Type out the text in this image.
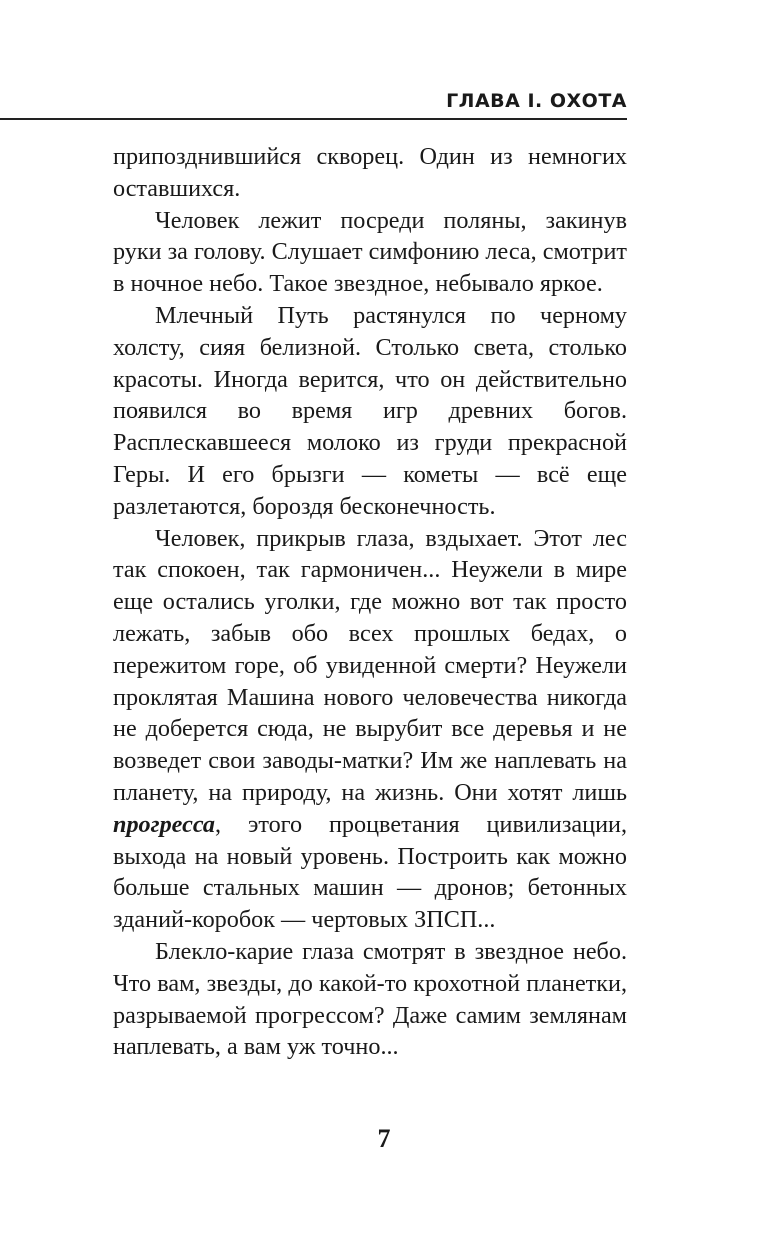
ГЛАВА I. ОХОТА

припозднившийся скворец. Один из немногих оставшихся.

Человек лежит посреди поляны, закинув руки за голову. Слушает симфонию леса, смотрит в ночное небо. Такое звездное, небывало яркое.

Млечный Путь растянулся по черному холсту, сияя белизной. Столько света, столько красоты. Иногда верится, что он действительно появился во время игр древних богов. Расплескавшееся молоко из груди прекрасной Геры. И его брызги — кометы — всё еще разлетаются, бороздя бесконечность.

Человек, прикрыв глаза, вздыхает. Этот лес так спокоен, так гармоничен... Неужели в мире еще остались уголки, где можно вот так просто лежать, забыв обо всех прошлых бедах, о пережитом горе, об увиденной смерти? Неужели проклятая Машина нового человечества никогда не доберется сюда, не вырубит все деревья и не возведет свои заводы-матки? Им же наплевать на планету, на природу, на жизнь. Они хотят лишь прогресса, этого процветания цивилизации, выхода на новый уровень. Построить как можно больше стальных машин — дронов; бетонных зданий-коробок — чертовых ЗПСП...

Блекло-карие глаза смотрят в звездное небо. Что вам, звезды, до какой-то крохотной планетки, разрываемой прогрессом? Даже самим землянам наплевать, а вам уж точно...

7
